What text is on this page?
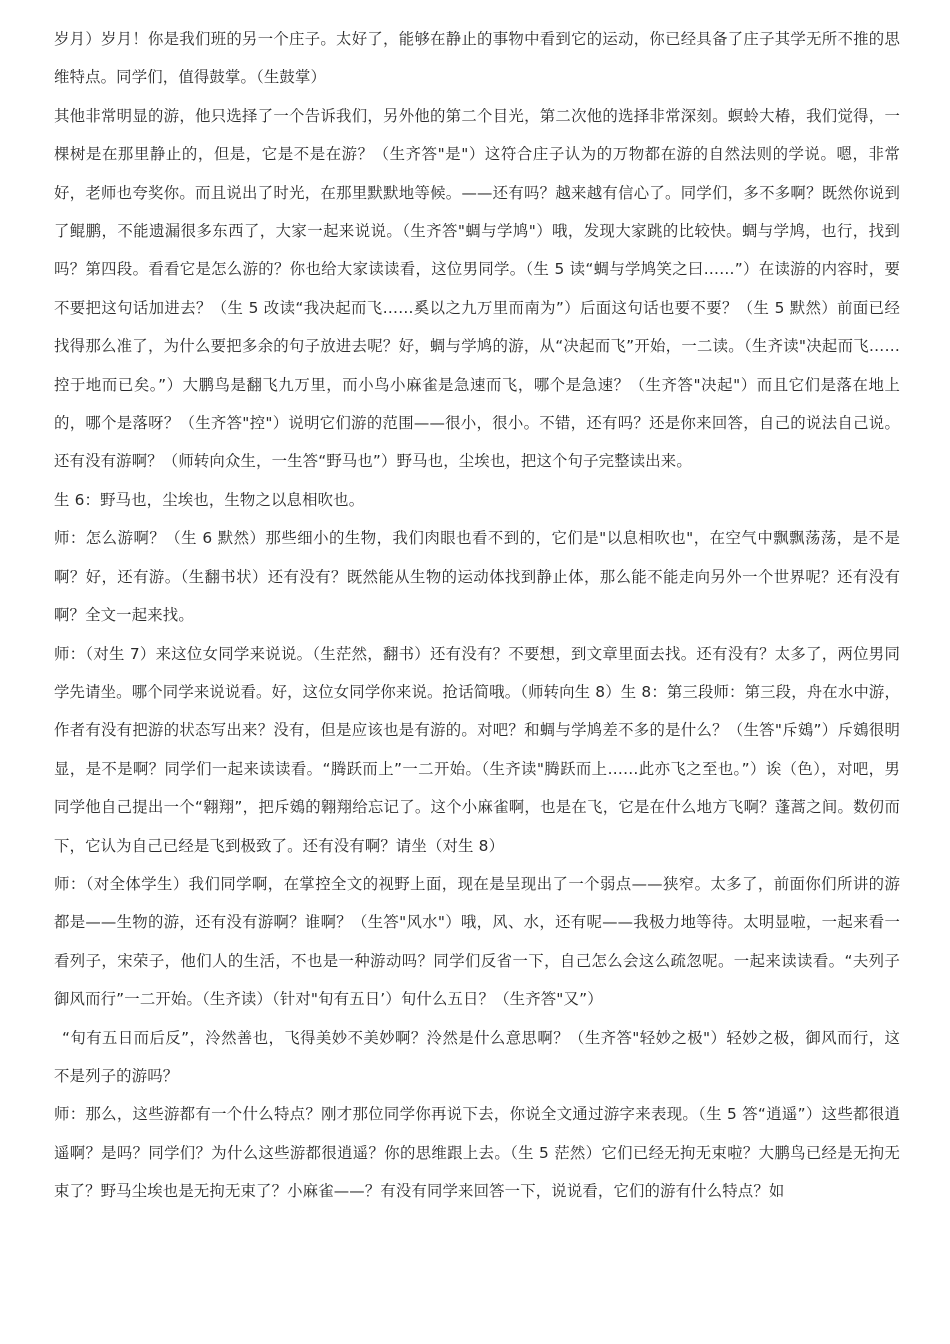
岁月）岁月！你是我们班的另一个庄子。太好了，能够在静止的事物中看到它的运动，你已经具备了庄子其学无所不推的思维特点。同学们，值得鼓掌。（生鼓掌）

其他非常明显的游，他只选择了一个告诉我们，另外他的第二个目光，第二次他的选择非常深刻。螟蛉大椿，我们觉得，一棵树是在那里静止的，但是，它是不是在游？（生齐答"是"）这符合庄子认为的万物都在游的自然法则的学说。嗯，非常好，老师也夸奖你。而且说出了时光，在那里默默地等候。——还有吗？越来越有信心了。同学们，多不多啊？既然你说到了鲲鹏，不能遗漏很多东西了，大家一起来说说。（生齐答"蜩与学鸠"）哦，发现大家跳的比较快。蜩与学鸠，也行，找到吗？第四段。看看它是怎么游的？你也给大家读读看，这位男同学。（生 5 读“蜩与学鸠笑之曰……”）在读游的内容时，要不要把这句话加进去？（生 5 改读“我决起而飞……奚以之九万里而南为”）后面这句话也要不要？（生 5 默然）前面已经找得那么准了，为什么要把多余的句子放进去呢？好，蜩与学鸠的游，从“决起而飞”开始，一二读。（生齐读"决起而飞……控于地而已矣。”）大鹏鸟是翻飞九万里，而小鸟小麻雀是急速而飞，哪个是急速？（生齐答"决起"）而且它们是落在地上的，哪个是落呀？（生齐答"控"）说明它们游的范围——很小，很小。不错，还有吗？还是你来回答，自己的说法自己说。还有没有游啊？（师转向众生，一生答“野马也”）野马也，尘埃也，把这个句子完整读出来。

生 6：野马也，尘埃也，生物之以息相吹也。

师：怎么游啊？（生 6 默然）那些细小的生物，我们肉眼也看不到的，它们是"以息相吹也"，在空气中飘飘荡荡，是不是啊？好，还有游。（生翻书状）还有没有？既然能从生物的运动体找到静止体，那么能不能走向另外一个世界呢？还有没有啊？全文一起来找。

师：（对生 7）来这位女同学来说说。（生茫然，翻书）还有没有？不要想，到文章里面去找。还有没有？太多了，两位男同学先请坐。哪个同学来说说看。好，这位女同学你来说。抢话简哦。（师转向生 8）生 8：第三段师：第三段，舟在水中游，作者有没有把游的状态写出来？没有，但是应该也是有游的。对吧？和蜩与学鸠差不多的是什么？（生答"斥鴳”）斥鴳很明显，是不是啊？同学们一起来读读看。“腾跃而上”一二开始。（生齐读"腾跃而上……此亦飞之至也。”）诶（色），对吧，男同学他自己提出一个“翱翔”，把斥鴳的翱翔给忘记了。这个小麻雀啊，也是在飞，它是在什么地方飞啊？蓬蒿之间。数仞而下，它认为自己已经是飞到极致了。还有没有啊？请坐（对生 8）

师：（对全体学生）我们同学啊，在掌控全文的视野上面，现在是呈现出了一个弱点——狭窄。太多了，前面你们所讲的游都是——生物的游，还有没有游啊？谁啊？（生答"风水"）哦，风、水，还有呢——我极力地等待。太明显啦，一起来看一看列子，宋荣子，他们人的生活，不也是一种游动吗？同学们反省一下，自己怎么会这么疏忽呢。一起来读读看。“夫列子御风而行”一二开始。（生齐读）（针对"旬有五日’）旬什么五日？（生齐答"又”）

“旬有五日而后反”，泠然善也，飞得美妙不美妙啊？泠然是什么意思啊？（生齐答"轻妙之极"）轻妙之极，御风而行，这不是列子的游吗？

师：那么，这些游都有一个什么特点？刚才那位同学你再说下去，你说全文通过游字来表现。（生 5 答“逍遥”）这些都很逍遥啊？是吗？同学们？为什么这些游都很逍遥？你的思维跟上去。（生 5 茫然）它们已经无拘无束啦？大鹏鸟已经是无拘无束了？野马尘埃也是无拘无束了？小麻雀——？有没有同学来回答一下，说说看，它们的游有什么特点？如
